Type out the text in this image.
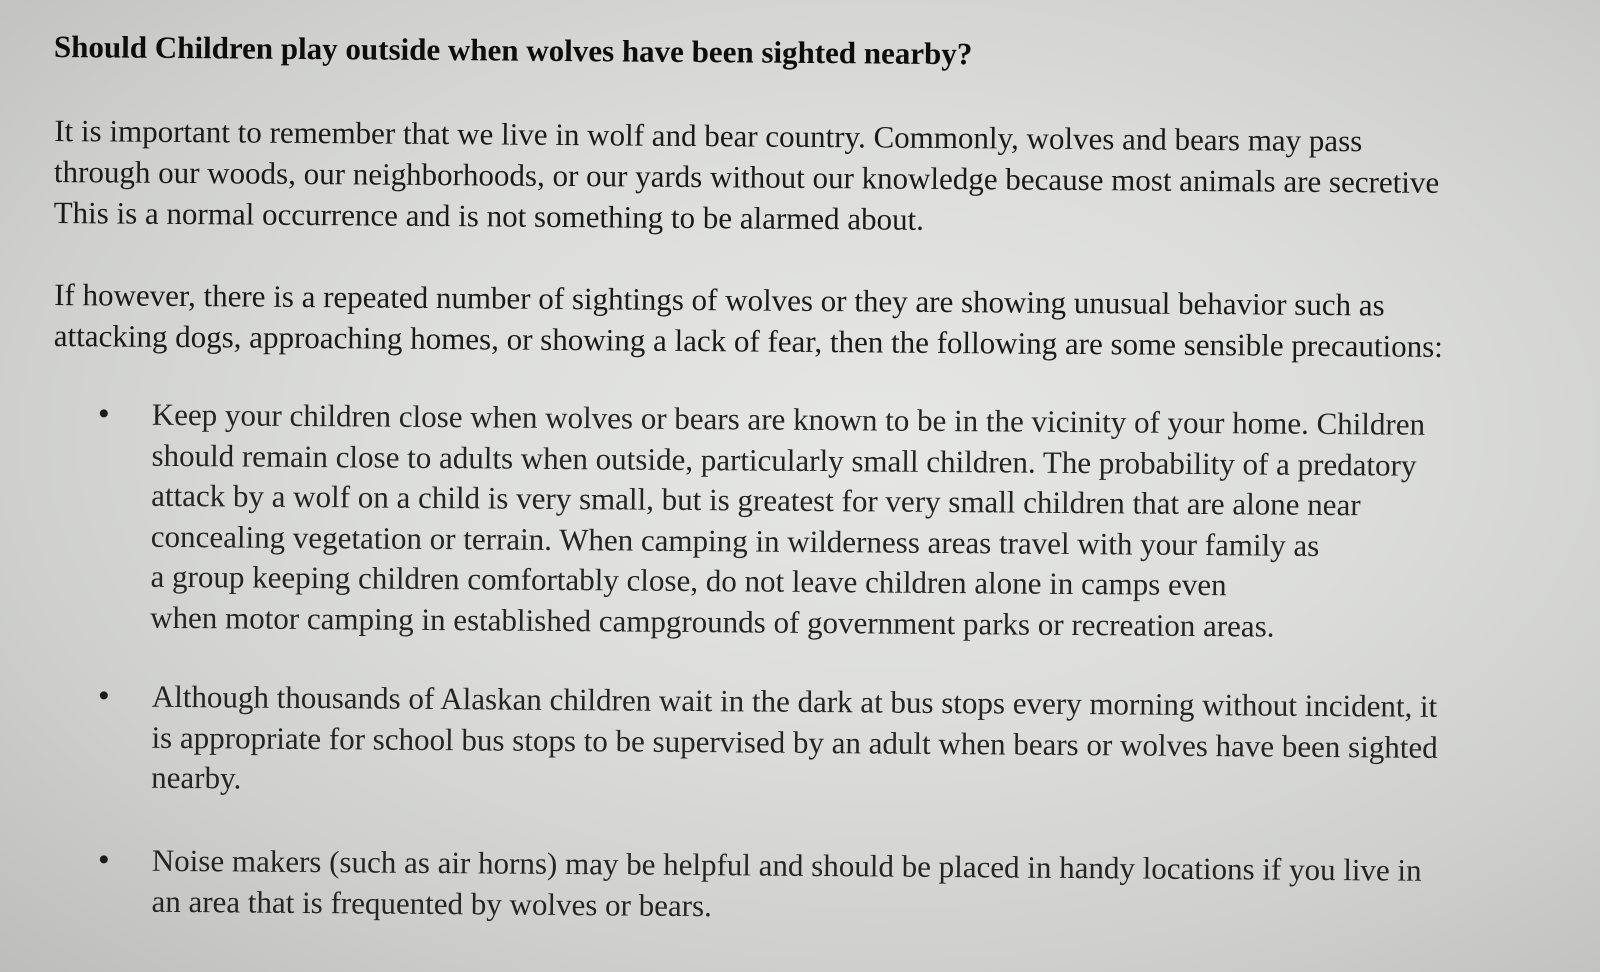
Should Children play outside when wolves have been sighted nearby?

It is important to remember that we live in wolf and bear country. Commonly, wolves and bears may pass
through our woods, our neighborhoods, or our yards without our knowledge because most animals are secretive
This is a normal occurrence and is not something to be alarmed about.

If however, there is a repeated number of sightings of wolves or they are showing unusual behavior such as
attacking dogs, approaching homes, or showing a lack of fear, then the following are some sensible precautions:

Keep your children close when wolves or bears are known to be in the vicinity of your home. Children
should remain close to adults when outside, particularly small children. The probability of a predatory
attack by a wolf on a child is very small, but is greatest for very small children that are alone near
concealing vegetation or terrain. When camping in wilderness areas travel with your family as
a group keeping children comfortably close, do not leave children alone in camps even
when motor camping in established campgrounds of government parks or recreation areas.
Although thousands of Alaskan children wait in the dark at bus stops every morning without incident, it
is appropriate for school bus stops to be supervised by an adult when bears or wolves have been sighted
nearby.
Noise makers (such as air horns) may be helpful and should be placed in handy locations if you live in
an area that is frequented by wolves or bears.
